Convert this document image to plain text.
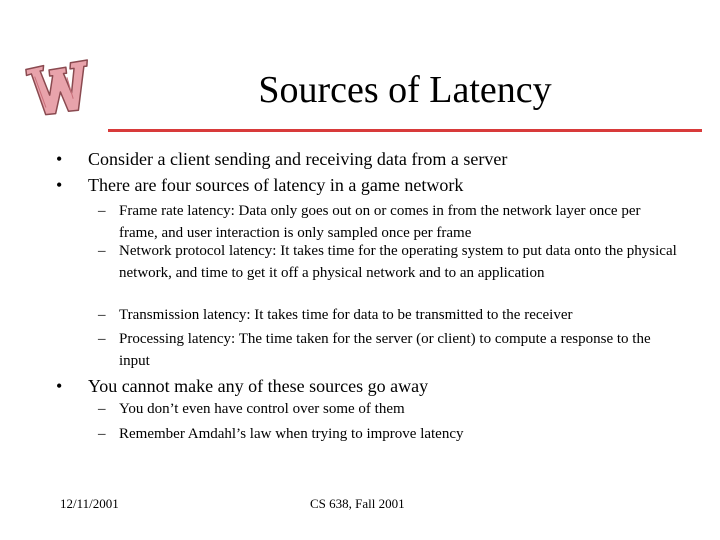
Sources of Latency
• Consider a client sending and receiving data from a server
• There are four sources of latency in a game network
– Frame rate latency: Data only goes out on or comes in from the network layer once per frame, and user interaction is only sampled once per frame
– Network protocol latency: It takes time for the operating system to put data onto the physical network, and time to get it off a physical network and to an application
– Transmission latency: It takes time for data to be transmitted to the receiver
– Processing latency: The time taken for the server (or client) to compute a response to the input
• You cannot make any of these sources go away
– You don’t even have control over some of them
– Remember Amdahl’s law when trying to improve latency
12/11/2001	CS 638, Fall 2001
